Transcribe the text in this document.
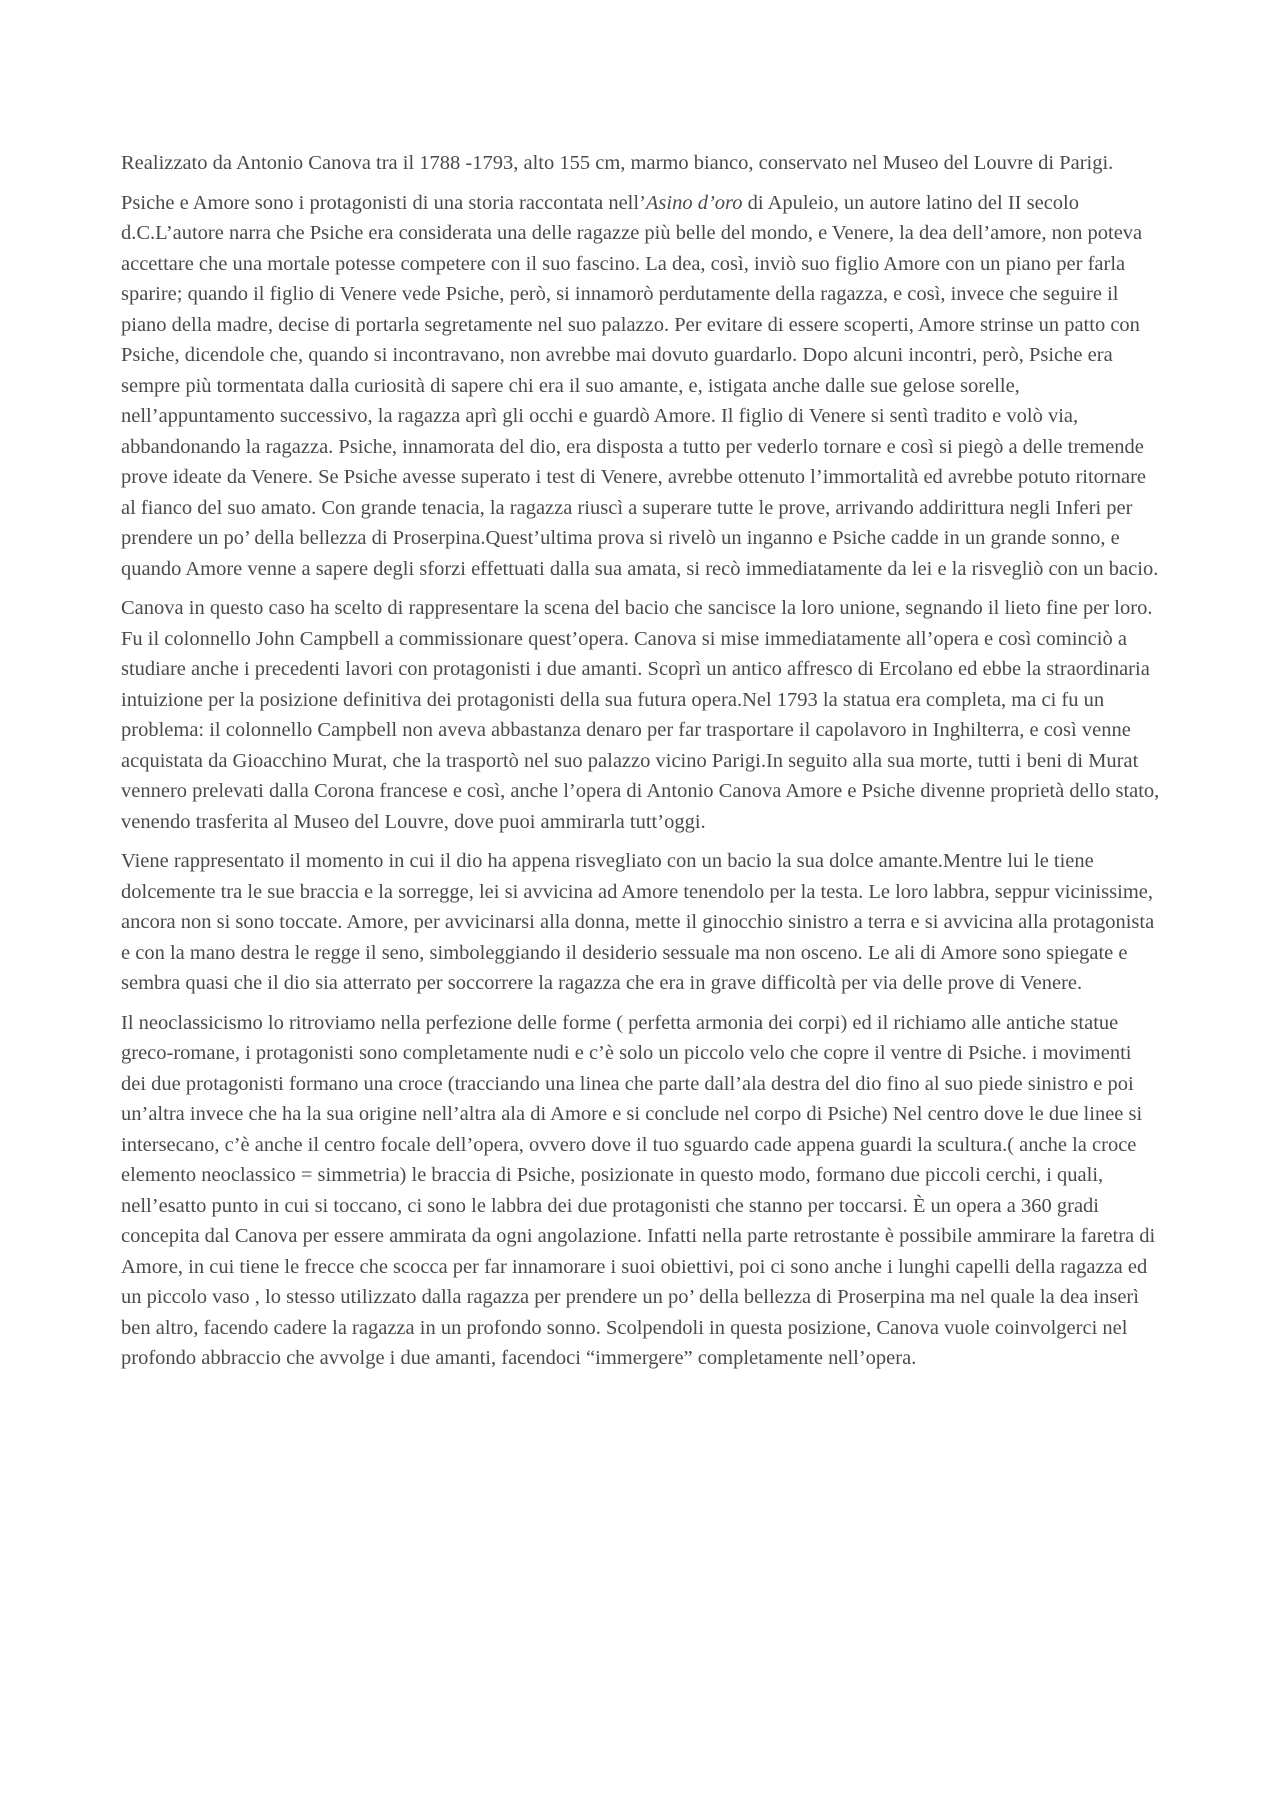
Realizzato da Antonio Canova tra il 1788 -1793, alto 155 cm, marmo bianco, conservato nel Museo del Louvre di Parigi.

Psiche e Amore sono i protagonisti di una storia raccontata nell’Asino d’oro di Apuleio, un autore latino del II secolo d.C.L’autore narra che Psiche era considerata una delle ragazze più belle del mondo, e Venere, la dea dell’amore, non poteva accettare che una mortale potesse competere con il suo fascino. La dea, così, inviò suo figlio Amore con un piano per farla sparire; quando il figlio di Venere vede Psiche, però, si innamorò perdutamente della ragazza, e così, invece che seguire il piano della madre, decise di portarla segretamente nel suo palazzo. Per evitare di essere scoperti, Amore strinse un patto con Psiche, dicendole che, quando si incontravano, non avrebbe mai dovuto guardarlo. Dopo alcuni incontri, però, Psiche era sempre più tormentata dalla curiosità di sapere chi era il suo amante, e, istigata anche dalle sue gelose sorelle, nell’appuntamento successivo, la ragazza aprì gli occhi e guardò Amore. Il figlio di Venere si sentì tradito e volò via, abbandonando la ragazza. Psiche, innamorata del dio, era disposta a tutto per vederlo tornare e così si piegò a delle tremende prove ideate da Venere. Se Psiche avesse superato i test di Venere, avrebbe ottenuto l’immortalità ed avrebbe potuto ritornare al fianco del suo amato. Con grande tenacia, la ragazza riuscì a superare tutte le prove, arrivando addirittura negli Inferi per prendere un po’ della bellezza di Proserpina.Quest’ultima prova si rivelò un inganno e Psiche cadde in un grande sonno, e quando Amore venne a sapere degli sforzi effettuati dalla sua amata, si recò immediatamente da lei e la risvegliò con un bacio.

Canova in questo caso ha scelto di rappresentare la scena del bacio che sancisce la loro unione, segnando il lieto fine per loro. Fu il colonnello John Campbell a commissionare quest’opera. Canova si mise immediatamente all’opera e così cominciò a studiare anche i precedenti lavori con protagonisti i due amanti. Scoprì un antico affresco di Ercolano ed ebbe la straordinaria intuizione per la posizione definitiva dei protagonisti della sua futura opera.Nel 1793 la statua era completa, ma ci fu un problema: il colonnello Campbell non aveva abbastanza denaro per far trasportare il capolavoro in Inghilterra, e così venne acquistata da Gioacchino Murat, che la trasportò nel suo palazzo vicino Parigi.In seguito alla sua morte, tutti i beni di Murat vennero prelevati dalla Corona francese e così, anche l’opera di Antonio Canova Amore e Psiche divenne proprietà dello stato, venendo trasferita al Museo del Louvre, dove puoi ammirarla tutt’oggi.

Viene rappresentato il momento in cui il dio ha appena risvegliato con un bacio la sua dolce amante.Mentre lui le tiene dolcemente tra le sue braccia e la sorregge, lei si avvicina ad Amore tenendolo per la testa. Le loro labbra, seppur vicinissime, ancora non si sono toccate. Amore, per avvicinarsi alla donna, mette il ginocchio sinistro a terra e si avvicina alla protagonista e con la mano destra le regge il seno, simboleggiando il desiderio sessuale ma non osceno. Le ali di Amore sono spiegate e sembra quasi che il dio sia atterrato per soccorrere la ragazza che era in grave difficoltà per via delle prove di Venere.

Il neoclassicismo lo ritroviamo nella perfezione delle forme ( perfetta armonia dei corpi) ed il richiamo alle antiche statue greco-romane, i protagonisti sono completamente nudi e c’è solo un piccolo velo che copre il ventre di Psiche. i movimenti dei due protagonisti formano una croce (tracciando una linea che parte dall’ala destra del dio fino al suo piede sinistro e poi un’altra invece che ha la sua origine nell’altra ala di Amore e si conclude nel corpo di Psiche) Nel centro dove le due linee si intersecano, c’è anche il centro focale dell’opera, ovvero dove il tuo sguardo cade appena guardi la scultura.( anche la croce elemento neoclassico = simmetria) le braccia di Psiche, posizionate in questo modo, formano due piccoli cerchi, i quali, nell’esatto punto in cui si toccano, ci sono le labbra dei due protagonisti che stanno per toccarsi. È un opera a 360 gradi concepita dal Canova per essere ammirata da ogni angolazione. Infatti nella parte retrostante è possibile ammirare la faretra di Amore, in cui tiene le frecce che scocca per far innamorare i suoi obiettivi, poi ci sono anche i lunghi capelli della ragazza ed un piccolo vaso , lo stesso utilizzato dalla ragazza per prendere un po’ della bellezza di Proserpina ma nel quale la dea inserì ben altro, facendo cadere la ragazza in un profondo sonno. Scolpendoli in questa posizione, Canova vuole coinvolgerci nel profondo abbraccio che avvolge i due amanti, facendoci “immergere” completamente nell’opera.
